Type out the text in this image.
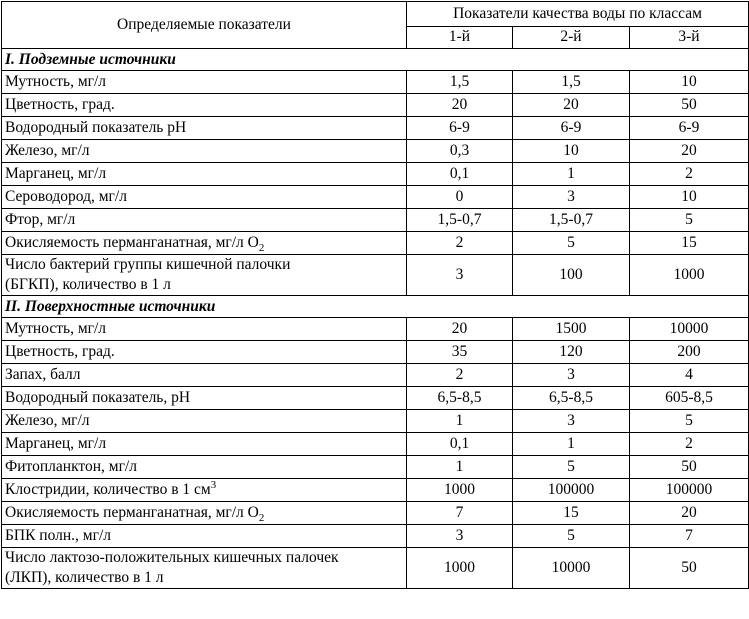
Определяемые показатели	Показатели качества воды по классам		
	1-й	2-й	3-й
I. Подземные источники			
Мутность, мг/л	1,5	1,5	10
Цветность, град.	20	20	50
Водородный показатель рН	6-9	6-9	6-9
Железо, мг/л	0,3	10	20
Марганец, мг/л	0,1	1	2
Сероводород, мг/л	0	3	10
Фтор, мг/л	1,5-0,7	1,5-0,7	5
Окисляемость перманганатная, мг/л $O_2$	2	5	15
Число бактерий группы кишечной палочки
(БГКП), количество в 1 л	3	100	1000
II. Поверхностные источники			
Мутность, мг/л	20	1500	10000
Цветность, град.	35	120	200
Запах, балл	2	3	4
Водородный показатель, рН	6,5-8,5	6,5-8,5	605-8,5
Железо, мг/л	1	3	5
Марганец, мг/л	0,1	1	2
Фитопланктон, мг/л	1	5	50
Клостридии, количество в 1 $см^3$	1000	100000	100000
Окисляемость перманганатная, мг/л $O_2$	7	15	20
БПК полн., мг/л	3	5	7
Число лактозо-положительных кишечных палочек
(ЛКП), количество в 1 л	1000	10000	50
